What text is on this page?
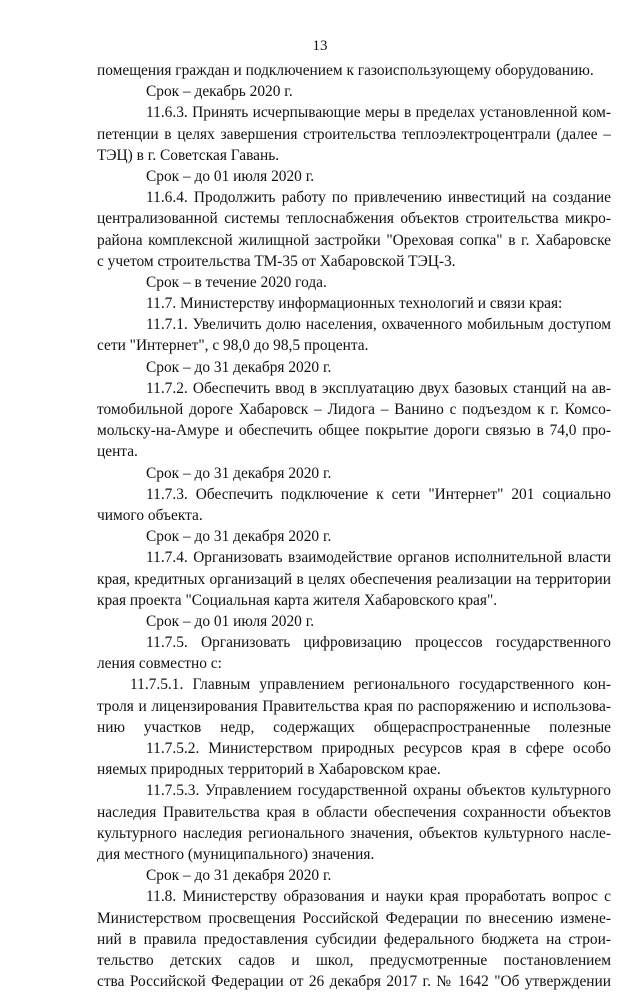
13
помещения граждан и подключением к газоиспользующему оборудованию.
Срок – декабрь 2020 г.
11.6.3. Принять исчерпывающие меры в пределах установленной ком-
петенции в целях завершения строительства теплоэлектроцентрали (далее –
ТЭЦ) в г. Советская Гавань.
Срок – до 01 июля 2020 г.
11.6.4. Продолжить работу по привлечению инвестиций на создание
централизованной системы теплоснабжения объектов строительства микро-
района комплексной жилищной застройки "Ореховая сопка" в г. Хабаровске
с учетом строительства ТМ-35 от Хабаровской ТЭЦ-3.
Срок – в течение 2020 года.
11.7. Министерству информационных технологий и связи края:
11.7.1. Увеличить долю населения, охваченного мобильным доступом
сети "Интернет", с 98,0 до 98,5 процента.
Срок – до 31 декабря 2020 г.
11.7.2. Обеспечить ввод в эксплуатацию двух базовых станций на ав-
томобильной дороге Хабаровск – Лидога – Ванино с подъездом к г. Комсо-
мольску-на-Амуре и обеспечить общее покрытие дороги связью в 74,0 про-
цента.
Срок – до 31 декабря 2020 г.
11.7.3. Обеспечить подключение к сети "Интернет" 201 социально
чимого объекта.
Срок – до 31 декабря 2020 г.
11.7.4. Организовать взаимодействие органов исполнительной власти
края, кредитных организаций в целях обеспечения реализации на территории
края проекта "Социальная карта жителя Хабаровского края".
Срок – до 01 июля 2020 г.
11.7.5. Организовать цифровизацию процессов государственного
ления совместно с:
11.7.5.1. Главным управлением регионального государственного кон-
троля и лицензирования Правительства края по распоряжению и использова-
нию участков недр, содержащих общераспространенные полезные
11.7.5.2. Министерством природных ресурсов края в сфере особо
няемых природных территорий в Хабаровском крае.
11.7.5.3. Управлением государственной охраны объектов культурного
наследия Правительства края в области обеспечения сохранности объектов
культурного наследия регионального значения, объектов культурного насле-
дия местного (муниципального) значения.
Срок – до 31 декабря 2020 г.
11.8. Министерству образования и науки края проработать вопрос с
Министерством просвещения Российской Федерации по внесению измене-
ний в правила предоставления субсидии федерального бюджета на строи-
тельство детских садов и школ, предусмотренные постановлением
ства Российской Федерации от 26 декабря 2017 г. № 1642 "Об утверждении
